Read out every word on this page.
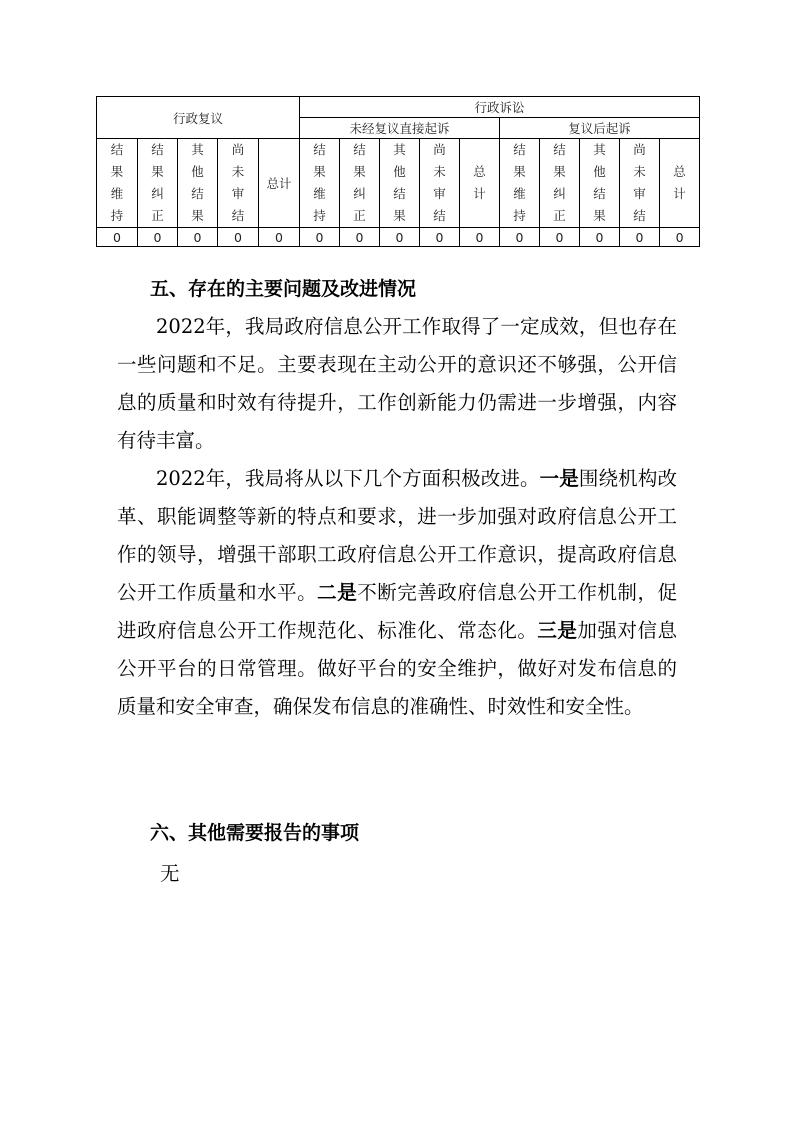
行政复议					行政诉讼									
					未经复议直接起诉					复议后起诉				
结果维持	结果纠正	其他结果	尚未审结	总计	结果维持	结果纠正	其他结果	尚未审结	总计	结果维持	结果纠正	其他结果	尚未审结	总计
0	0	0	0	0	0	0	0	0	0	0	0	0	0	0
五、存在的主要问题及改进情况

2022年，我局政府信息公开工作取得了一定成效，但也存在一些问题和不足。主要表现在主动公开的意识还不够强，公开信息的质量和时效有待提升，工作创新能力仍需进一步增强，内容有待丰富。

2022年，我局将从以下几个方面积极改进。一是围绕机构改革、职能调整等新的特点和要求，进一步加强对政府信息公开工作的领导，增强干部职工政府信息公开工作意识，提高政府信息公开工作质量和水平。二是不断完善政府信息公开工作机制，促进政府信息公开工作规范化、标准化、常态化。三是加强对信息公开平台的日常管理。做好平台的安全维护，做好对发布信息的质量和安全审查，确保发布信息的准确性、时效性和安全性。

六、其他需要报告的事项

无
